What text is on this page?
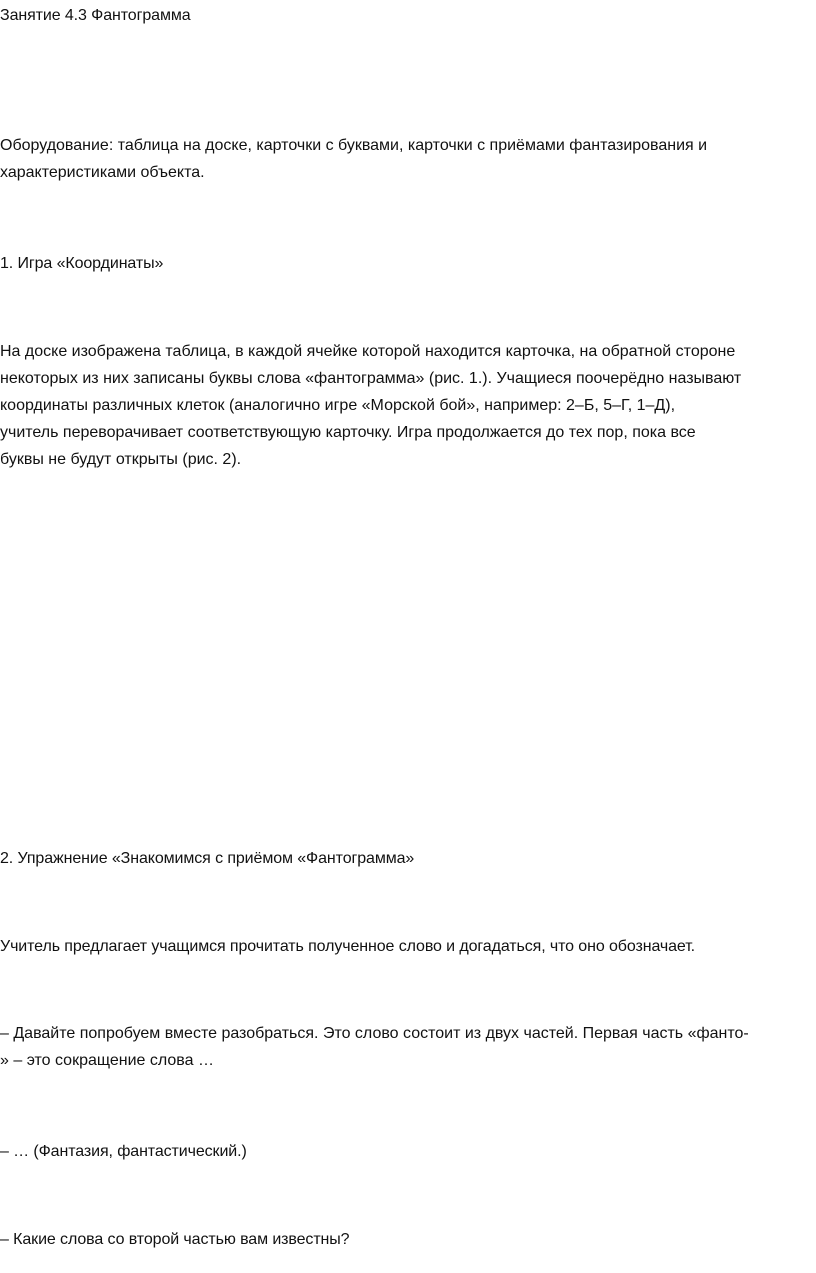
Занятие 4.3 Фантограмма

Оборудование: таблица на доске, карточки с буквами, карточки с приёмами фантазирования и
характеристиками объекта.

1. Игра «Координаты»

На доске изображена таблица, в каждой ячейке которой находится карточка, на обратной стороне
некоторых из них записаны буквы слова «фантограмма» (рис. 1.). Учащиеся поочерёдно называют
координаты различных клеток (аналогично игре «Морской бой», например: 2–Б, 5–Г, 1–Д),
учитель переворачивает соответствующую карточку. Игра продолжается до тех пор, пока все
буквы не будут открыты (рис. 2).

2. Упражнение «Знакомимся с приёмом «Фантограмма»

Учитель предлагает учащимся прочитать полученное слово и догадаться, что оно обозначает.

– Давайте попробуем вместе разобраться. Это слово состоит из двух частей. Первая часть «фанто-
» – это сокращение слова …

– … (Фантазия, фантастический.)

– Какие слова со второй частью вам известны?
